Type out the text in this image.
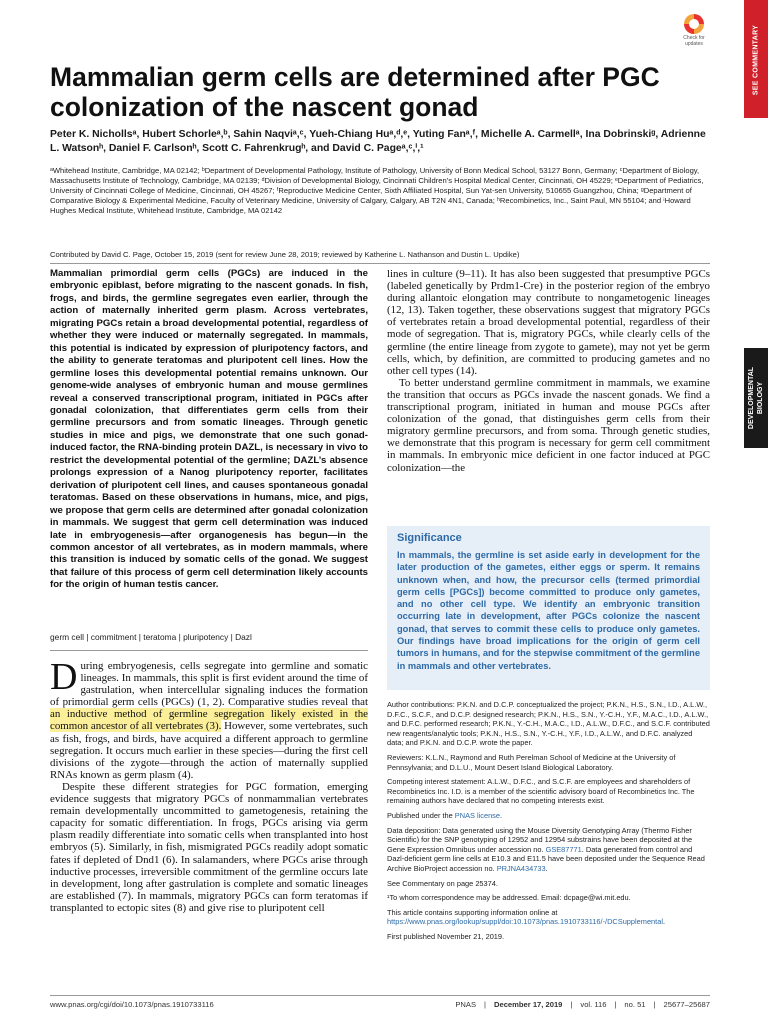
SEE COMMENTARY
DEVELOPMENTAL
BIOLOGY
Check for
updates
Mammalian germ cells are determined after PGC colonization of the nascent gonad
Peter K. Nichollsᵃ, Hubert Schorleᵃ,ᵇ, Sahin Naqviᵃ,ᶜ, Yueh-Chiang Huᵃ,ᵈ,ᵉ, Yuting Fanᵃ,ᶠ, Michelle A. Carmellᵃ, Ina Dobrinskiᵍ, Adrienne L. Watsonʰ, Daniel F. Carlsonʰ, Scott C. Fahrenkrugʰ, and David C. Pageᵃ,ᶜ,ⁱ,¹
ᵃWhitehead Institute, Cambridge, MA 02142; ᵇDepartment of Developmental Pathology, Institute of Pathology, University of Bonn Medical School, 53127 Bonn, Germany; ᶜDepartment of Biology, Massachusetts Institute of Technology, Cambridge, MA 02139; ᵈDivision of Developmental Biology, Cincinnati Children’s Hospital Medical Center, Cincinnati, OH 45229; ᵉDepartment of Pediatrics, University of Cincinnati College of Medicine, Cincinnati, OH 45267; ᶠReproductive Medicine Center, Sixth Affiliated Hospital, Sun Yat-sen University, 510655 Guangzhou, China; ᵍDepartment of Comparative Biology & Experimental Medicine, Faculty of Veterinary Medicine, University of Calgary, Calgary, AB T2N 4N1, Canada; ʰRecombinetics, Inc., Saint Paul, MN 55104; and ⁱHoward Hughes Medical Institute, Whitehead Institute, Cambridge, MA 02142
Contributed by David C. Page, October 15, 2019 (sent for review June 28, 2019; reviewed by Katherine L. Nathanson and Dustin L. Updike)
Mammalian primordial germ cells (PGCs) are induced in the embryonic epiblast, before migrating to the nascent gonads. In fish, frogs, and birds, the germline segregates even earlier, through the action of maternally inherited germ plasm. Across vertebrates, migrating PGCs retain a broad developmental potential, regardless of whether they were induced or maternally segregated. In mammals, this potential is indicated by expression of pluripotency factors, and the ability to generate teratomas and pluripotent cell lines. How the germline loses this developmental potential remains unknown. Our genome-wide analyses of embryonic human and mouse germlines reveal a conserved transcriptional program, initiated in PGCs after gonadal colonization, that differentiates germ cells from their germline precursors and from somatic lineages. Through genetic studies in mice and pigs, we demonstrate that one such gonad-induced factor, the RNA-binding protein DAZL, is necessary in vivo to restrict the developmental potential of the germline; DAZL’s absence prolongs expression of a Nanog pluripotency reporter, facilitates derivation of pluripotent cell lines, and causes spontaneous gonadal teratomas. Based on these observations in humans, mice, and pigs, we propose that germ cells are determined after gonadal colonization in mammals. We suggest that germ cell determination was induced late in embryogenesis—after organogenesis has begun—in the common ancestor of all vertebrates, as in modern mammals, where this transition is induced by somatic cells of the gonad. We suggest that failure of this process of germ cell determination likely accounts for the origin of human testis cancer.
germ cell | commitment | teratoma | pluripotency | Dazl

During embryogenesis, cells segregate into germline and somatic lineages. In mammals, this split is first evident around the time of gastrulation, when intercellular signaling induces the formation of primordial germ cells (PGCs) (1, 2). Comparative studies reveal that an inductive method of germline segregation likely existed in the common ancestor of all vertebrates (3). However, some vertebrates, such as fish, frogs, and birds, have acquired a different approach to germline segregation. It occurs much earlier in these species—during the first cell divisions of the zygote—through the action of maternally supplied RNAs known as germ plasm (4).

Despite these different strategies for PGC formation, emerging evidence suggests that migratory PGCs of nonmammalian vertebrates remain developmentally uncommitted to gametogenesis, retaining the capacity for somatic differentiation. In frogs, PGCs arising via germ plasm readily differentiate into somatic cells when transplanted into host embryos (5). Similarly, in fish, mismigrated PGCs readily adopt somatic fates if depleted of Dnd1 (6). In salamanders, where PGCs arise through inductive processes, irreversible commitment of the germline occurs late in development, long after gastrulation is complete and somatic lineages are established (7). In mammals, migratory PGCs can form teratomas if transplanted to ectopic sites (8) and give rise to pluripotent cell

lines in culture (9–11). It has also been suggested that presumptive PGCs (labeled genetically by Prdm1-Cre) in the posterior region of the embryo during allantoic elongation may contribute to nongametogenic lineages (12, 13). Taken together, these observations suggest that migratory PGCs of vertebrates retain a broad developmental potential, regardless of their mode of segregation. That is, migratory PGCs, while clearly cells of the germline (the entire lineage from zygote to gamete), may not yet be germ cells, which, by definition, are committed to producing gametes and no other cell types (14).

To better understand germline commitment in mammals, we examine the transition that occurs as PGCs invade the nascent gonads. We find a transcriptional program, initiated in human and mouse PGCs after colonization of the gonad, that distinguishes germ cells from their migratory germline precursors, and from soma. Through genetic studies, we demonstrate that this program is necessary for germ cell commitment in mammals. In embryonic mice deficient in one factor induced at PGC colonization—the

Significance
In mammals, the germline is set aside early in development for the later production of the gametes, either eggs or sperm. It remains unknown when, and how, the precursor cells (termed primordial germ cells [PGCs]) become committed to produce only gametes, and no other cell type. We identify an embryonic transition occurring late in development, after PGCs colonize the nascent gonad, that serves to commit these cells to produce only gametes. Our findings have broad implications for the origin of germ cell tumors in humans, and for the stepwise commitment of the germline in mammals and other vertebrates.

Author contributions: P.K.N. and D.C.P. conceptualized the project; P.K.N., H.S., S.N., I.D., A.L.W., D.F.C., S.C.F., and D.C.P. designed research; P.K.N., H.S., S.N., Y.-C.H., Y.F., M.A.C., I.D., A.L.W., and D.F.C. performed research; P.K.N., Y.-C.H., M.A.C., I.D., A.L.W., D.F.C., and S.C.F. contributed new reagents/analytic tools; P.K.N., H.S., S.N., Y.-C.H., Y.F., I.D., A.L.W., and D.F.C. analyzed data; and P.K.N. and D.C.P. wrote the paper.

Reviewers: K.L.N., Raymond and Ruth Perelman School of Medicine at the University of Pennsylvania; and D.L.U., Mount Desert Island Biological Laboratory.

Competing interest statement: A.L.W., D.F.C., and S.C.F. are employees and shareholders of Recombinetics Inc. I.D. is a member of the scientific advisory board of Recombinetics Inc. The remaining authors have declared that no competing interests exist.

Published under the PNAS license.

Data deposition: Data generated using the Mouse Diversity Genotyping Array (Thermo Fisher Scientific) for the SNP genotyping of 12952 and 12954 substrains have been deposited at the Gene Expression Omnibus under accession no. GSE87771. Data generated from control and Dazl-deficient germ line cells at E10.3 and E11.5 have been deposited under the Sequence Read Archive BioProject accession no. PRJNA434733.

See Commentary on page 25374.

¹To whom correspondence may be addressed. Email: dcpage@wi.mit.edu.

This article contains supporting information online at https://www.pnas.org/lookup/suppl/doi:10.1073/pnas.1910733116/-/DCSupplemental.

First published November 21, 2019.

www.pnas.org/cgi/doi/10.1073/pnas.1910733116	PNAS | December 17, 2019 | vol. 116 | no. 51 | 25677–25687
